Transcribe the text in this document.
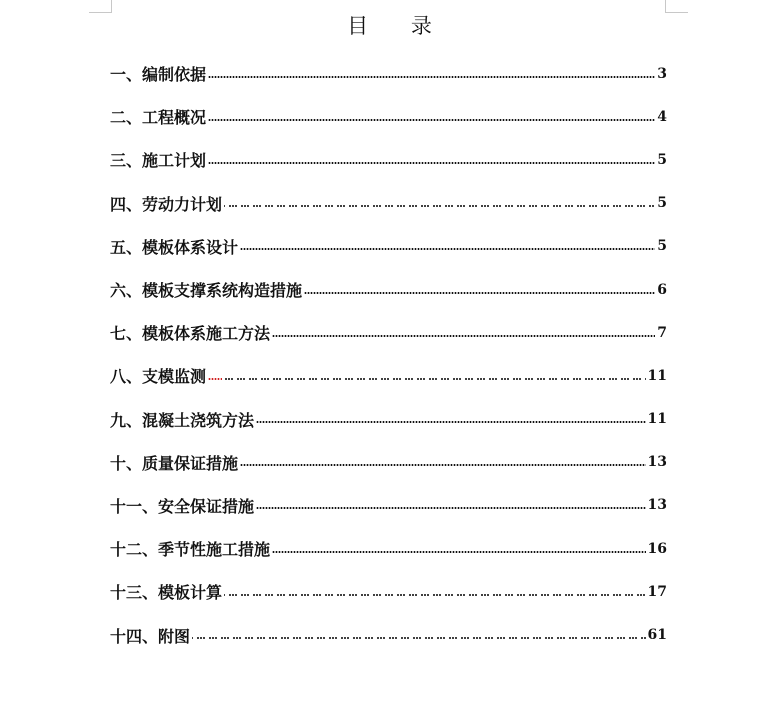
目 录
一、编制依据	3
二、工程概况	4
三、施工计划	5
四、劳动力计划	5
五、模板体系设计	5
六、模板支撑系统构造措施	6
七、模板体系施工方法	7
八、支模监测	11
九、混凝土浇筑方法	11
十、质量保证措施	13
十一、安全保证措施	13
十二、季节性施工措施	16
十三、模板计算	17
十四、附图	61
